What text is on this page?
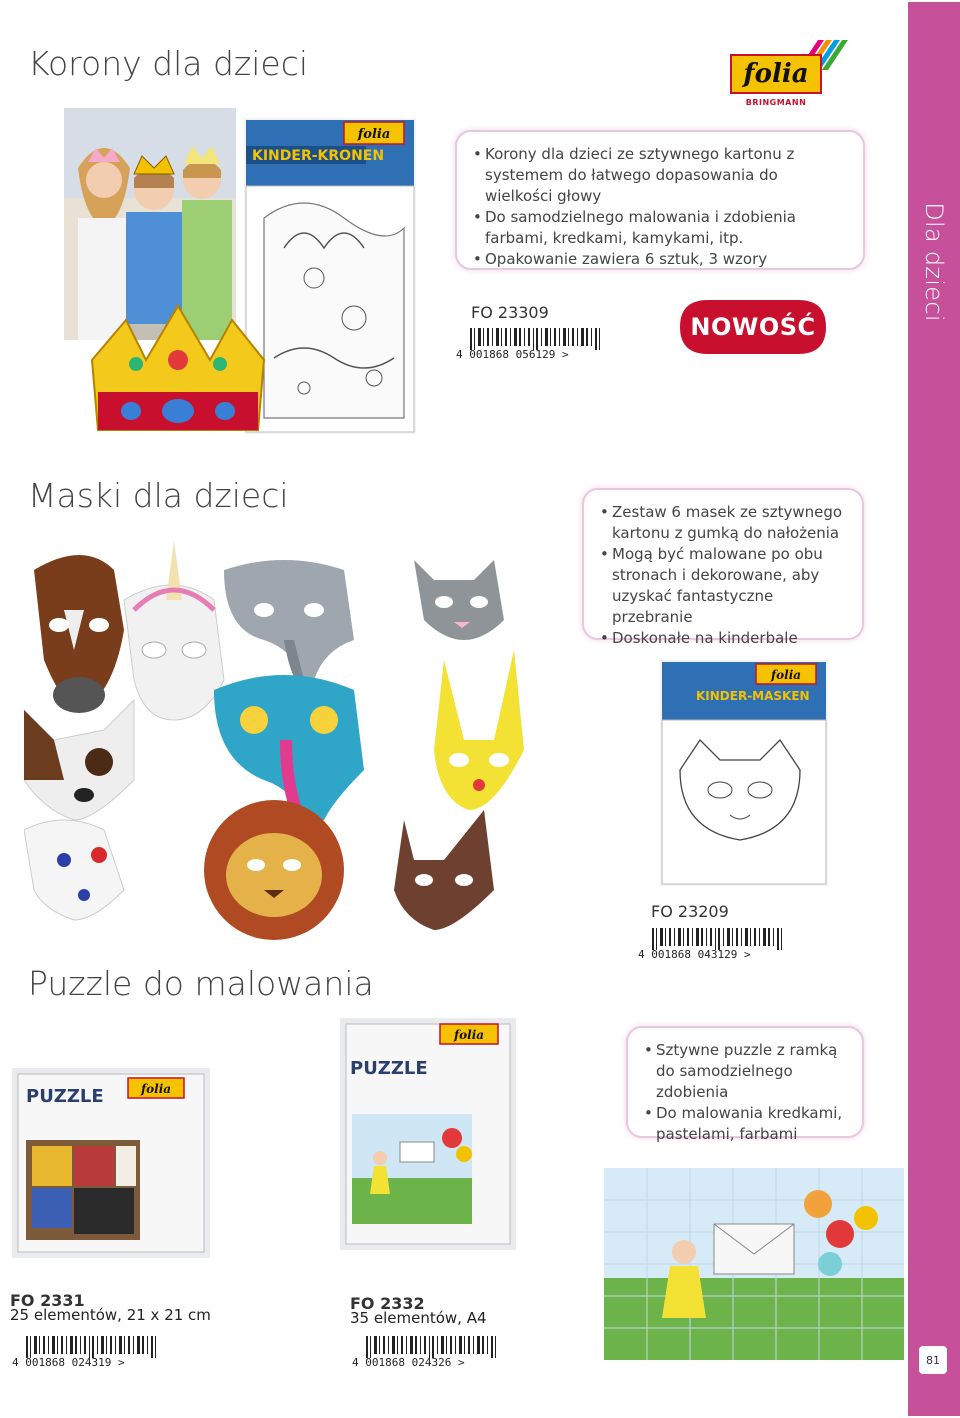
Dla dzieci
81
Korony dla dzieci	folia
BRINGMANN
folia
KINDER-KRONEN	• Korony dla dzieci ze sztywnego kartonu z systemem do łatwego dopasowania do wielkości głowy
• Do samodzielnego malowania i zdobienia farbami, kredkami, kamykami, itp.
• Opakowanie zawiera 6 sztuk, 3 wzory
FO 23309
4 001868 056129 >
NOWOŚĆ
Maski dla dzieci	• Zestaw 6 masek ze sztywnego kartonu z gumką do nałożenia
• Mogą być malowane po obu stronach i dekorowane, aby uzyskać fantastyczne przebranie
• Doskonałe na kinderbale
folia
KINDER-MASKEN
FO 23209
4 001868 043129 >
Puzzle do malowania
• Sztywne puzzle z ramką do samodzielnego zdobienia
• Do malowania kredkami, pastelami, farbami
PUZZLE	folia
PUZZLE
folia
FO 2331
25 elementów, 21 x 21 cm
4 001868 024319 >
FO 2332
35 elementów, A4
4 001868 024326 >
